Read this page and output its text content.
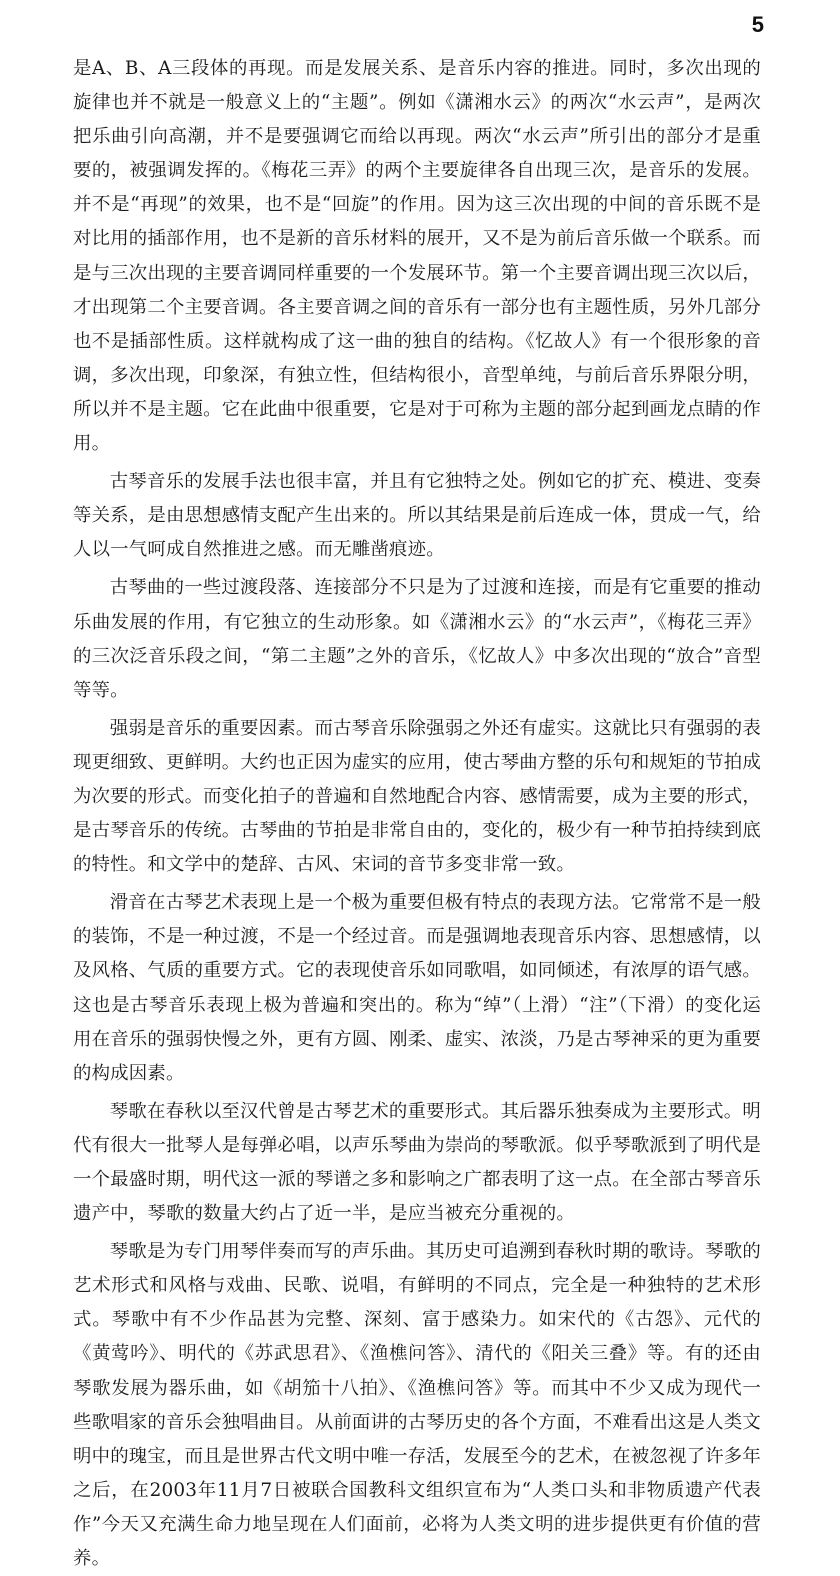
5

是A、B、A三段体的再现。而是发展关系、是音乐内容的推进。同时，多次出现的旋律也并不就是一般意义上的“主题”。例如《潇湘水云》的两次“水云声”，是两次把乐曲引向高潮，并不是要强调它而给以再现。两次“水云声”所引出的部分才是重要的，被强调发挥的。《梅花三弄》的两个主要旋律各自出现三次，是音乐的发展。并不是“再现”的效果，也不是“回旋”的作用。因为这三次出现的中间的音乐既不是对比用的插部作用，也不是新的音乐材料的展开，又不是为前后音乐做一个联系。而是与三次出现的主要音调同样重要的一个发展环节。第一个主要音调出现三次以后，才出现第二个主要音调。各主要音调之间的音乐有一部分也有主题性质，另外几部分也不是插部性质。这样就构成了这一曲的独自的结构。《忆故人》有一个很形象的音调，多次出现，印象深，有独立性，但结构很小，音型单纯，与前后音乐界限分明，所以并不是主题。它在此曲中很重要，它是对于可称为主题的部分起到画龙点睛的作用。

古琴音乐的发展手法也很丰富，并且有它独特之处。例如它的扩充、模进、变奏等关系，是由思想感情支配产生出来的。所以其结果是前后连成一体，贯成一气，给人以一气呵成自然推进之感。而无雕凿痕迹。

古琴曲的一些过渡段落、连接部分不只是为了过渡和连接，而是有它重要的推动乐曲发展的作用，有它独立的生动形象。如《潇湘水云》的“水云声”，《梅花三弄》的三次泛音乐段之间，“第二主题”之外的音乐，《忆故人》中多次出现的“放合”音型等等。

强弱是音乐的重要因素。而古琴音乐除强弱之外还有虚实。这就比只有强弱的表现更细致、更鲜明。大约也正因为虚实的应用，使古琴曲方整的乐句和规矩的节拍成为次要的形式。而变化拍子的普遍和自然地配合内容、感情需要，成为主要的形式，是古琴音乐的传统。古琴曲的节拍是非常自由的，变化的，极少有一种节拍持续到底的特性。和文学中的楚辞、古风、宋词的音节多变非常一致。

滑音在古琴艺术表现上是一个极为重要但极有特点的表现方法。它常常不是一般的装饰，不是一种过渡，不是一个经过音。而是强调地表现音乐内容、思想感情，以及风格、气质的重要方式。它的表现使音乐如同歌唱，如同倾述，有浓厚的语气感。这也是古琴音乐表现上极为普遍和突出的。称为“绰”（上滑）“注”（下滑）的变化运用在音乐的强弱快慢之外，更有方圆、刚柔、虚实、浓淡，乃是古琴神采的更为重要的构成因素。

琴歌在春秋以至汉代曾是古琴艺术的重要形式。其后器乐独奏成为主要形式。明代有很大一批琴人是每弹必唱，以声乐琴曲为崇尚的琴歌派。似乎琴歌派到了明代是一个最盛时期，明代这一派的琴谱之多和影响之广都表明了这一点。在全部古琴音乐遗产中，琴歌的数量大约占了近一半，是应当被充分重视的。

琴歌是为专门用琴伴奏而写的声乐曲。其历史可追溯到春秋时期的歌诗。琴歌的艺术形式和风格与戏曲、民歌、说唱，有鲜明的不同点，完全是一种独特的艺术形式。琴歌中有不少作品甚为完整、深刻、富于感染力。如宋代的《古怨》、元代的《黄莺吟》、明代的《苏武思君》、《渔樵问答》、清代的《阳关三叠》等。有的还由琴歌发展为器乐曲，如《胡笳十八拍》、《渔樵问答》等。而其中不少又成为现代一些歌唱家的音乐会独唱曲目。从前面讲的古琴历史的各个方面，不难看出这是人类文明中的瑰宝，而且是世界古代文明中唯一存活，发展至今的艺术，在被忽视了许多年之后，在2003年11月7日被联合国教科文组织宣布为“人类口头和非物质遗产代表作”今天又充满生命力地呈现在人们面前，必将为人类文明的进步提供更有价值的营养。
